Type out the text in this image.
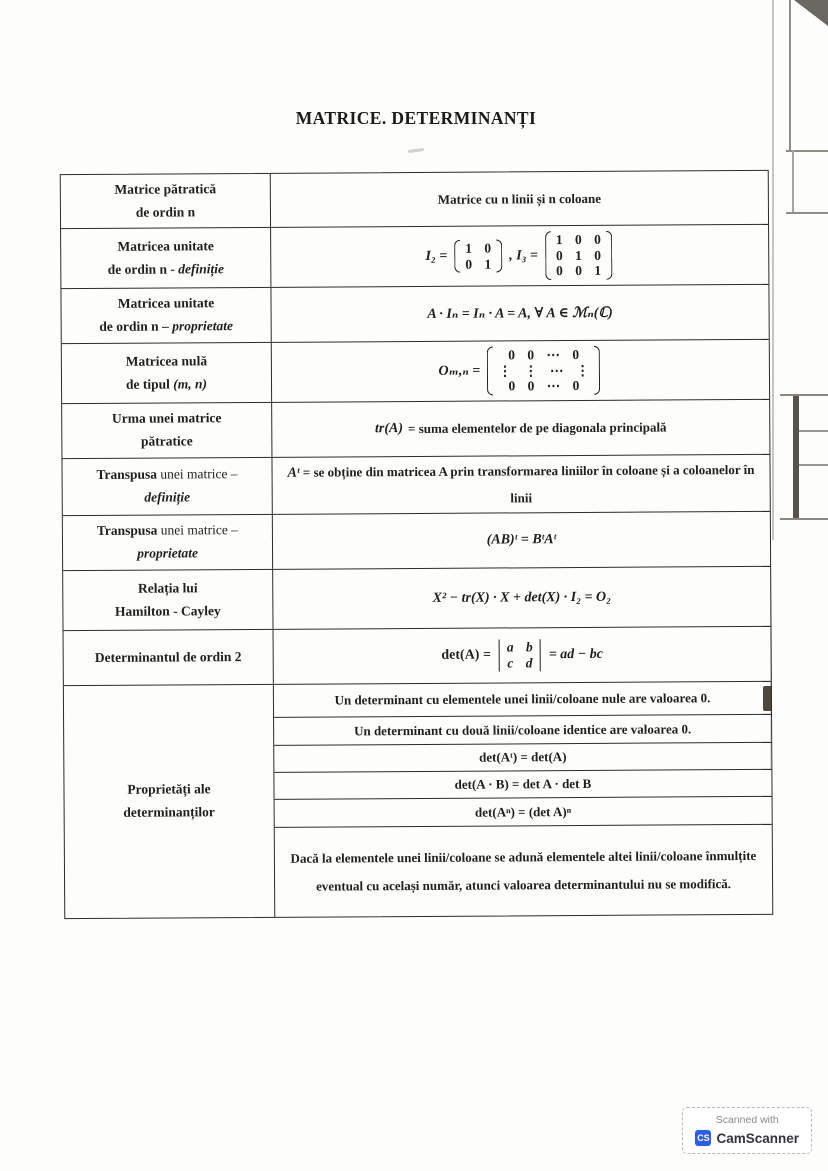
MATRICE. DETERMINANȚI
Matrice pătratică
de ordin n
Matrice cu n linii și n coloane
Matricea unitate
de ordin n - definiție
I₂ =
1 0
0 1
, I₃ =
1 0 0
0 1 0
0 0 1
Matricea unitate
de ordin n – proprietate
A · Iₙ = Iₙ · A = A, ∀ A ∈ ℳₙ(ℂ)
Matricea nulă
de tipul (m, n)
Oₘ,ₙ =
0 0 ⋯ 0
⋮ ⋮ ⋯ ⋮
0 0 ⋯ 0
Urma unei matrice
pătratice
tr(A) = suma elementelor de pe diagonala principală
Transpusa unei matrice –
definiție
Aᵗ = se obține din matricea A prin transformarea liniilor în coloane și a coloanelor în linii
Transpusa unei matrice –
proprietate
(AB)ᵗ = BᵗAᵗ
Relația lui
Hamilton - Cayley
X² − tr(X) · X + det(X) · I₂ = O₂
Determinantul de ordin 2	det(A) =
a b
c d
= ad − bc
Proprietăți ale
determinanților
Un determinant cu elementele unei linii/coloane nule are valoarea 0.
Un determinant cu două linii/coloane identice are valoarea 0.
det(Aᵗ) = det(A)
det(A · B) = det A · det B
det(Aⁿ) = (det A)ⁿ
Dacă la elementele unei linii/coloane se adună elementele altei linii/coloane înmulțite eventual cu același număr, atunci valoarea determinantului nu se modifică.
Scanned with
CS CamScanner
